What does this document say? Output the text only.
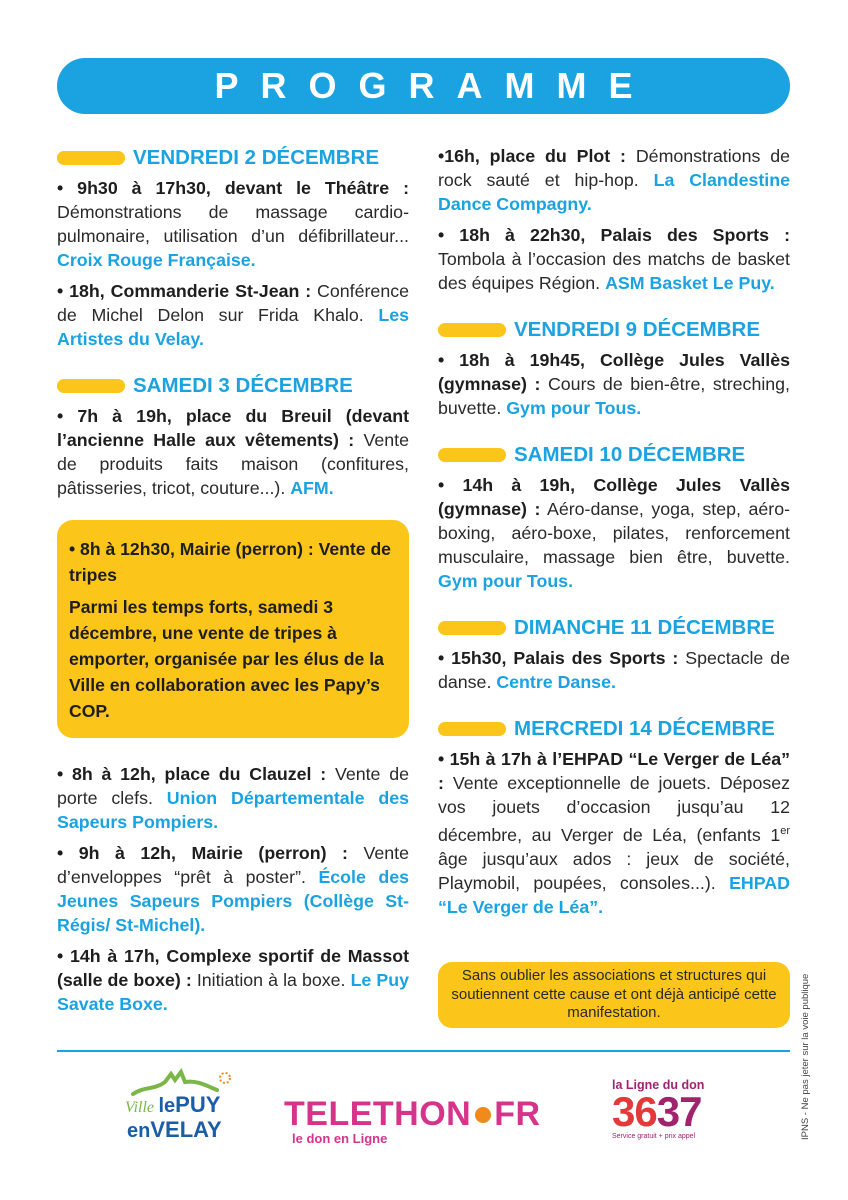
PROGRAMME
VENDREDI 2 DÉCEMBRE

• 9h30 à 17h30, devant le Théâtre : Démonstrations de massage cardio-pulmonaire, utilisation d’un défibrillateur... Croix Rouge Française.

• 18h, Commanderie St-Jean : Conférence de Michel Delon sur Frida Khalo. Les Artistes du Velay.

SAMEDI 3 DÉCEMBRE

• 7h à 19h, place du Breuil (devant l’ancienne Halle aux vêtements) : Vente de produits faits maison (confitures, pâtisseries, tricot, couture...). AFM.

• 8h à 12h30, Mairie (perron) : Vente de tripes
Parmi les temps forts, samedi 3 décembre, une vente de tripes à emporter, organisée par les élus de la Ville en collaboration avec les Papy’s COP.

• 8h à 12h, place du Clauzel : Vente de porte clefs. Union Départementale des Sapeurs Pompiers.

• 9h à 12h, Mairie (perron) : Vente d’enveloppes “prêt à poster”. École des Jeunes Sapeurs Pompiers (Collège St-Régis/ St-Michel).

• 14h à 17h, Complexe sportif de Massot (salle de boxe) : Initiation à la boxe. Le Puy Savate Boxe.

•16h, place du Plot : Démonstrations de rock sauté et hip-hop. La Clandestine Dance Compagny.

• 18h à 22h30, Palais des Sports : Tombola à l’occasion des matchs de basket des équipes Région. ASM Basket Le Puy.

VENDREDI 9 DÉCEMBRE

• 18h à 19h45, Collège Jules Vallès (gymnase) : Cours de bien-être, streching, buvette. Gym pour Tous.

SAMEDI 10 DÉCEMBRE

• 14h à 19h, Collège Jules Vallès (gymnase) : Aéro-danse, yoga, step, aéro-boxing, aéro-boxe, pilates, renforcement musculaire, massage bien être, buvette. Gym pour Tous.

DIMANCHE 11 DÉCEMBRE

• 15h30, Palais des Sports : Spectacle de danse. Centre Danse.

MERCREDI 14 DÉCEMBRE

• 15h à 17h à l’EHPAD “Le Verger de Léa” : Vente exceptionnelle de jouets. Déposez vos jouets d’occasion jusqu’au 12 décembre, au Verger de Léa, (enfants 1er âge jusqu’aux ados : jeux de société, Playmobil, poupées, consoles...). EHPAD “Le Verger de Léa”.

Sans oublier les associations et structures qui soutiennent cette cause et ont déjà anticipé cette manifestation.	IPNS - Ne pas jeter sur la voie publique
Ville lePUY
enVELAY	TELETHON FR
le don en Ligne
la Ligne du don
3637
Service gratuit + prix appel
